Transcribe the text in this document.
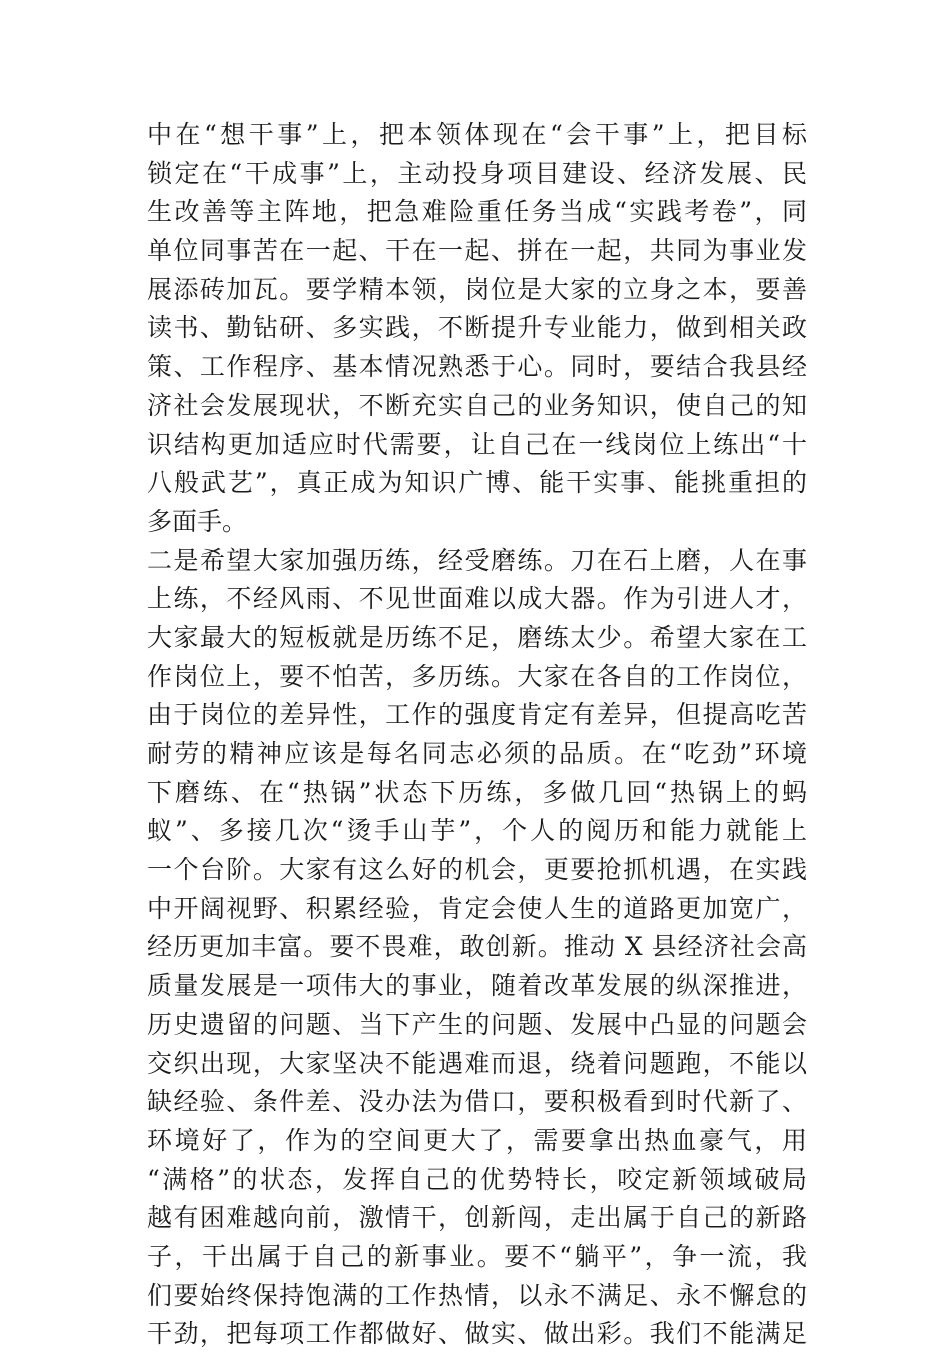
中在“想干事”上，把本领体现在“会干事”上，把目标
锁定在“干成事”上，主动投身项目建设、经济发展、民
生改善等主阵地，把急难险重任务当成“实践考卷”，同
单位同事苦在一起、干在一起、拼在一起，共同为事业发
展添砖加瓦。要学精本领，岗位是大家的立身之本，要善
读书、勤钻研、多实践，不断提升专业能力，做到相关政
策、工作程序、基本情况熟悉于心。同时，要结合我县经
济社会发展现状，不断充实自己的业务知识，使自己的知
识结构更加适应时代需要，让自己在一线岗位上练出“十
八般武艺”，真正成为知识广博、能干实事、能挑重担的
多面手。
二是希望大家加强历练，经受磨练。刀在石上磨，人在事
上练，不经风雨、不见世面难以成大器。作为引进人才，
大家最大的短板就是历练不足，磨练太少。希望大家在工
作岗位上，要不怕苦，多历练。大家在各自的工作岗位，
由于岗位的差异性，工作的强度肯定有差异，但提高吃苦
耐劳的精神应该是每名同志必须的品质。在“吃劲”环境
下磨练、在“热锅”状态下历练，多做几回“热锅上的蚂
蚁”、多接几次“烫手山芋”，个人的阅历和能力就能上
一个台阶。大家有这么好的机会，更要抢抓机遇，在实践
中开阔视野、积累经验，肯定会使人生的道路更加宽广，
经历更加丰富。要不畏难，敢创新。推动 X 县经济社会高
质量发展是一项伟大的事业，随着改革发展的纵深推进，
历史遗留的问题、当下产生的问题、发展中凸显的问题会
交织出现，大家坚决不能遇难而退，绕着问题跑，不能以
缺经验、条件差、没办法为借口，要积极看到时代新了、
环境好了，作为的空间更大了，需要拿出热血豪气，用
“满格”的状态，发挥自己的优势特长，咬定新领域破局
越有困难越向前，激情干，创新闯，走出属于自己的新路
子，干出属于自己的新事业。要不“躺平”，争一流，我
们要始终保持饱满的工作热情，以永不满足、永不懈怠的
干劲，把每项工作都做好、做实、做出彩。我们不能满足
